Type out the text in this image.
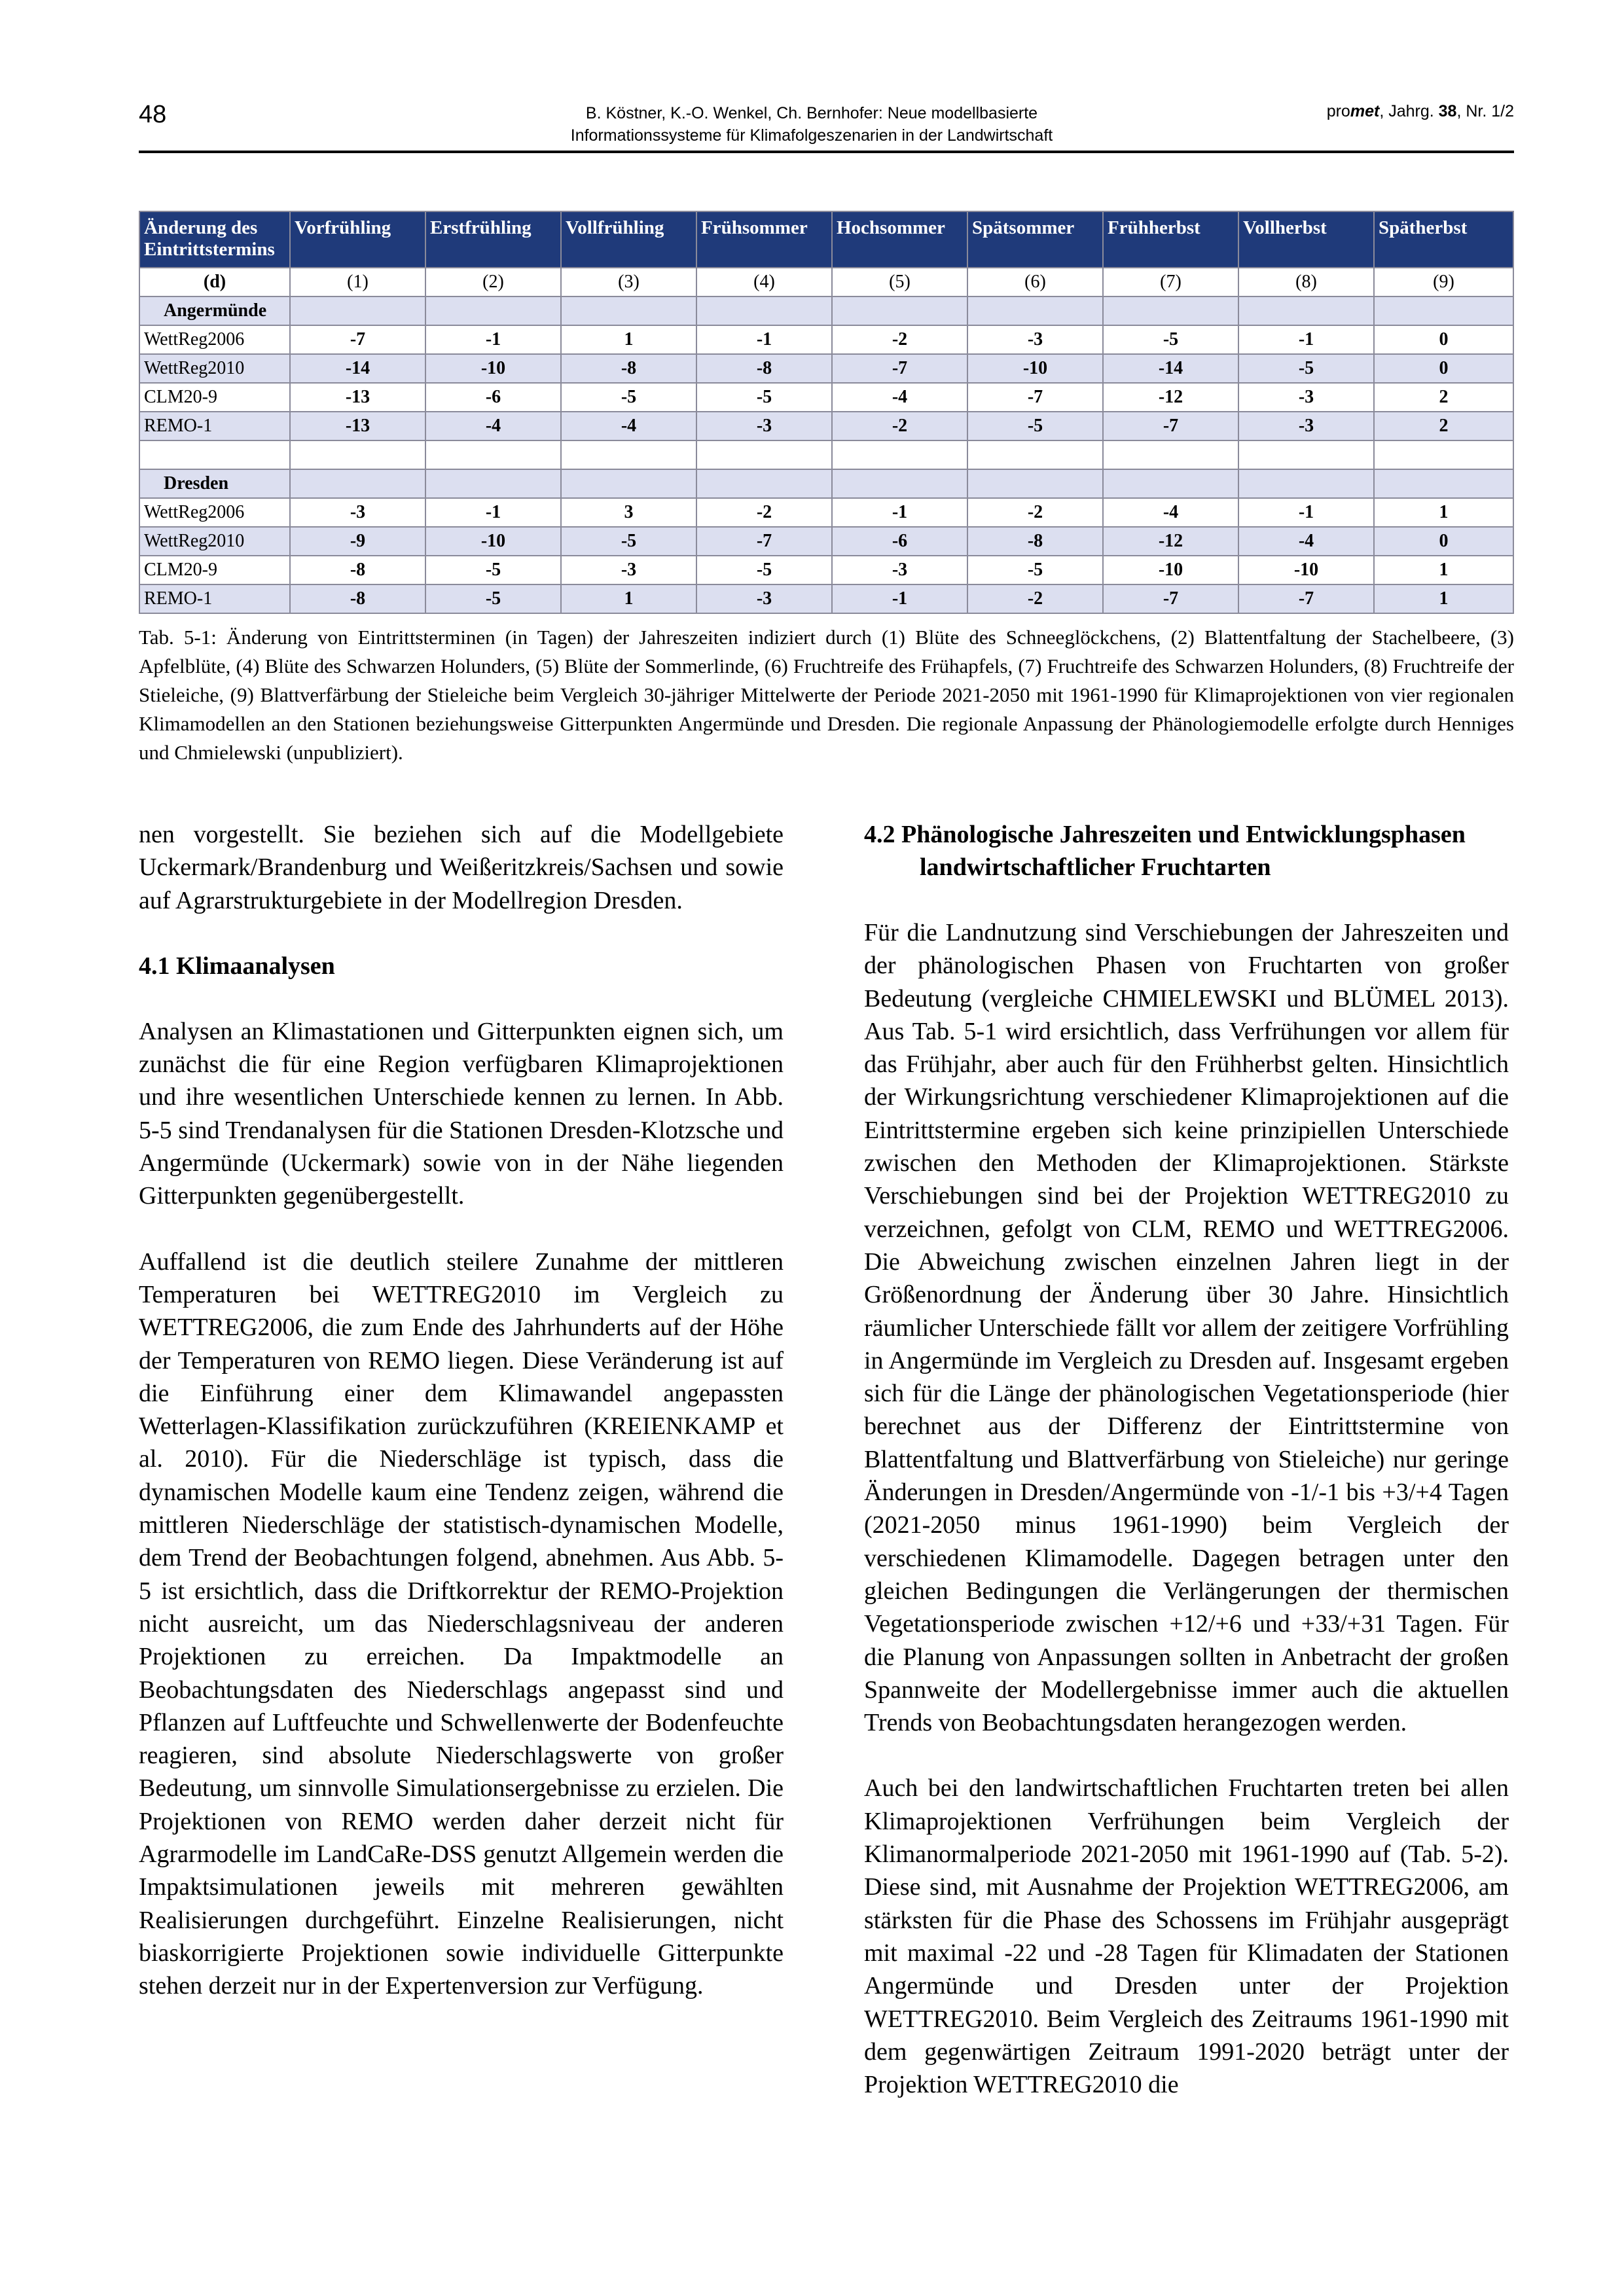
48	B. Köstner, K.-O. Wenkel, Ch. Bernhofer: Neue modellbasierte
Informationssysteme für Klimafolgeszenarien in der Landwirtschaft
promet, Jahrg. 38, Nr. 1/2
Änderung des Eintrittstermins	Vorfrühling	Erstfrühling	Vollfrühling	Frühsommer	Hochsommer	Spätsommer	Frühherbst	Vollherbst	Spätherbst
(d)	(1)	(2)	(3)	(4)	(5)	(6)	(7)	(8)	(9)
Angermünde									
WettReg2006	-7	-1	1	-1	-2	-3	-5	-1	0
WettReg2010	-14	-10	-8	-8	-7	-10	-14	-5	0
CLM20-9	-13	-6	-5	-5	-4	-7	-12	-3	2
REMO-1	-13	-4	-4	-3	-2	-5	-7	-3	2

Dresden									
WettReg2006	-3	-1	3	-2	-1	-2	-4	-1	1
WettReg2010	-9	-10	-5	-7	-6	-8	-12	-4	0
CLM20-9	-8	-5	-3	-5	-3	-5	-10	-10	1
REMO-1	-8	-5	1	-3	-1	-2	-7	-7	1
Tab. 5-1: Änderung von Eintrittsterminen (in Tagen) der Jahreszeiten indiziert durch (1) Blüte des Schneeglöckchens, (2) Blattentfaltung der Stachelbeere, (3) Apfelblüte, (4) Blüte des Schwarzen Holunders, (5) Blüte der Sommerlinde, (6) Fruchtreife des Frühapfels, (7) Fruchtreife des Schwarzen Holunders, (8) Fruchtreife der Stieleiche, (9) Blattverfärbung der Stieleiche beim Vergleich 30-jähriger Mittelwerte der Periode 2021-2050 mit 1961-1990 für Klimaprojektionen von vier regionalen Klimamodellen an den Stationen beziehungsweise Gitterpunkten Angermünde und Dresden. Die regionale Anpassung der Phänologiemodelle erfolgte durch Henniges und Chmielewski (unpubliziert).

nen vorgestellt. Sie beziehen sich auf die Modellgebiete Uckermark/Brandenburg und Weißeritzkreis/Sachsen und sowie auf Agrarstrukturgebiete in der Modellregion Dresden.

4.1 Klimaanalysen

Analysen an Klimastationen und Gitterpunkten eignen sich, um zunächst die für eine Region verfügbaren Klimaprojektionen und ihre wesentlichen Unterschiede kennen zu lernen. In Abb. 5-5 sind Trendanalysen für die Stationen Dresden-Klotzsche und Angermünde (Uckermark) sowie von in der Nähe liegenden Gitterpunkten gegenübergestellt.

Auffallend ist die deutlich steilere Zunahme der mittleren Temperaturen bei WETTREG2010 im Vergleich zu WETTREG2006, die zum Ende des Jahrhunderts auf der Höhe der Temperaturen von REMO liegen. Diese Veränderung ist auf die Einführung einer dem Klimawandel angepassten Wetterlagen-Klassifikation zurückzuführen (KREIENKAMP et al. 2010). Für die Niederschläge ist typisch, dass die dynamischen Modelle kaum eine Tendenz zeigen, während die mittleren Niederschläge der statistisch-dynamischen Modelle, dem Trend der Beobachtungen folgend, abnehmen. Aus Abb. 5-5 ist ersichtlich, dass die Driftkorrektur der REMO-Projektion nicht ausreicht, um das Niederschlagsniveau der anderen Projektionen zu erreichen. Da Impaktmodelle an Beobachtungsdaten des Niederschlags angepasst sind und Pflanzen auf Luftfeuchte und Schwellenwerte der Bodenfeuchte reagieren, sind absolute Niederschlagswerte von großer Bedeutung, um sinnvolle Simulationsergebnisse zu erzielen. Die Projektionen von REMO werden daher derzeit nicht für Agrarmodelle im LandCaRe-DSS genutzt Allgemein werden die Impaktsimulationen jeweils mit mehreren gewählten Realisierungen durchgeführt. Einzelne Realisierungen, nicht biaskorrigierte Projektionen sowie individuelle Gitterpunkte stehen derzeit nur in der Expertenversion zur Verfügung.

4.2 Phänologische Jahreszeiten und Entwicklungsphasen landwirtschaftlicher Fruchtarten

Für die Landnutzung sind Verschiebungen der Jahreszeiten und der phänologischen Phasen von Fruchtarten von großer Bedeutung (vergleiche CHMIELEWSKI und BLÜMEL 2013). Aus Tab. 5-1 wird ersichtlich, dass Verfrühungen vor allem für das Frühjahr, aber auch für den Frühherbst gelten. Hinsichtlich der Wirkungsrichtung verschiedener Klimaprojektionen auf die Eintrittstermine ergeben sich keine prinzipiellen Unterschiede zwischen den Methoden der Klimaprojektionen. Stärkste Verschiebungen sind bei der Projektion WETTREG2010 zu verzeichnen, gefolgt von CLM, REMO und WETTREG2006. Die Abweichung zwischen einzelnen Jahren liegt in der Größenordnung der Änderung über 30 Jahre. Hinsichtlich räumlicher Unterschiede fällt vor allem der zeitigere Vorfrühling in Angermünde im Vergleich zu Dresden auf. Insgesamt ergeben sich für die Länge der phänologischen Vegetationsperiode (hier berechnet aus der Differenz der Eintrittstermine von Blattentfaltung und Blattverfärbung von Stieleiche) nur geringe Änderungen in Dresden/Angermünde von -1/-1 bis +3/+4 Tagen (2021-2050 minus 1961-1990) beim Vergleich der verschiedenen Klimamodelle. Dagegen betragen unter den gleichen Bedingungen die Verlängerungen der thermischen Vegetationsperiode zwischen +12/+6 und +33/+31 Tagen. Für die Planung von Anpassungen sollten in Anbetracht der großen Spannweite der Modellergebnisse immer auch die aktuellen Trends von Beobachtungsdaten herangezogen werden.

Auch bei den landwirtschaftlichen Fruchtarten treten bei allen Klimaprojektionen Verfrühungen beim Vergleich der Klimanormalperiode 2021-2050 mit 1961-1990 auf (Tab. 5-2). Diese sind, mit Ausnahme der Projektion WETTREG2006, am stärksten für die Phase des Schossens im Frühjahr ausgeprägt mit maximal -22 und -28 Tagen für Klimadaten der Stationen Angermünde und Dresden unter der Projektion WETTREG2010. Beim Vergleich des Zeitraums 1961-1990 mit dem gegenwärtigen Zeitraum 1991-2020 beträgt unter der Projektion WETTREG2010 die
